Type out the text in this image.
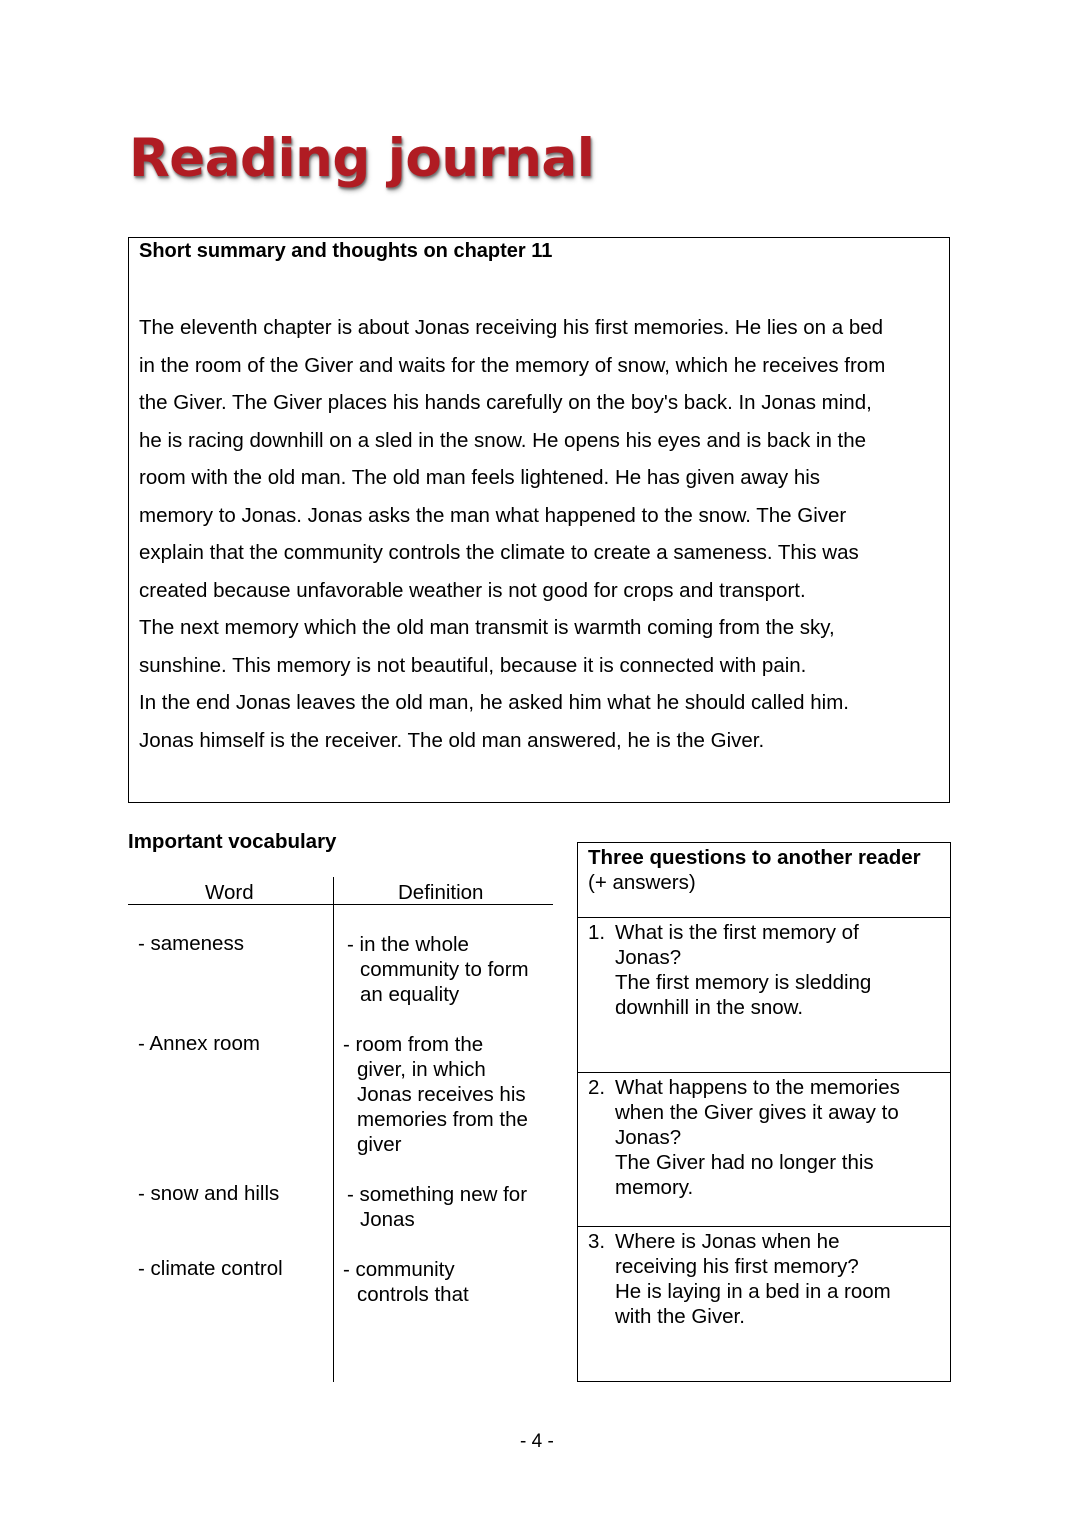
Reading journal
Short summary and thoughts on chapter 11
The eleventh chapter is about Jonas receiving his first memories. He lies on a bed
in the room of the Giver and waits for the memory of snow, which he receives from
the Giver. The Giver places his hands carefully on the boy's back. In Jonas mind,
he is racing downhill on a sled in the snow. He opens his eyes and is back in the
room with the old man. The old man feels lightened. He has given away his
memory to Jonas. Jonas asks the man what happened to the snow. The Giver
explain that the community controls the climate to create a sameness. This was
created because unfavorable weather is not good for crops and transport.
The next memory which the old man transmit is warmth coming from the sky,
sunshine. This memory is not beautiful, because it is connected with pain.
In the end Jonas leaves the old man, he asked him what he should called him.
Jonas himself is the receiver. The old man answered, he is the Giver.
Important vocabulary
Word	Definition
- sameness	- in the whole
community to form
an equality
- Annex room	- room from the
giver, in which
Jonas receives his
memories from the
giver
- snow and hills	- something new for
Jonas
- climate control	- community
controls that
Three questions to another reader
(+ answers)
1. What is the first memory of
Jonas?
The first memory is sledding
downhill in the snow.
2. What happens to the memories
when the Giver gives it away to
Jonas?
The Giver had no longer this
memory.
3. Where is Jonas when he
receiving his first memory?
He is laying in a bed in a room
with the Giver.
- 4 -
